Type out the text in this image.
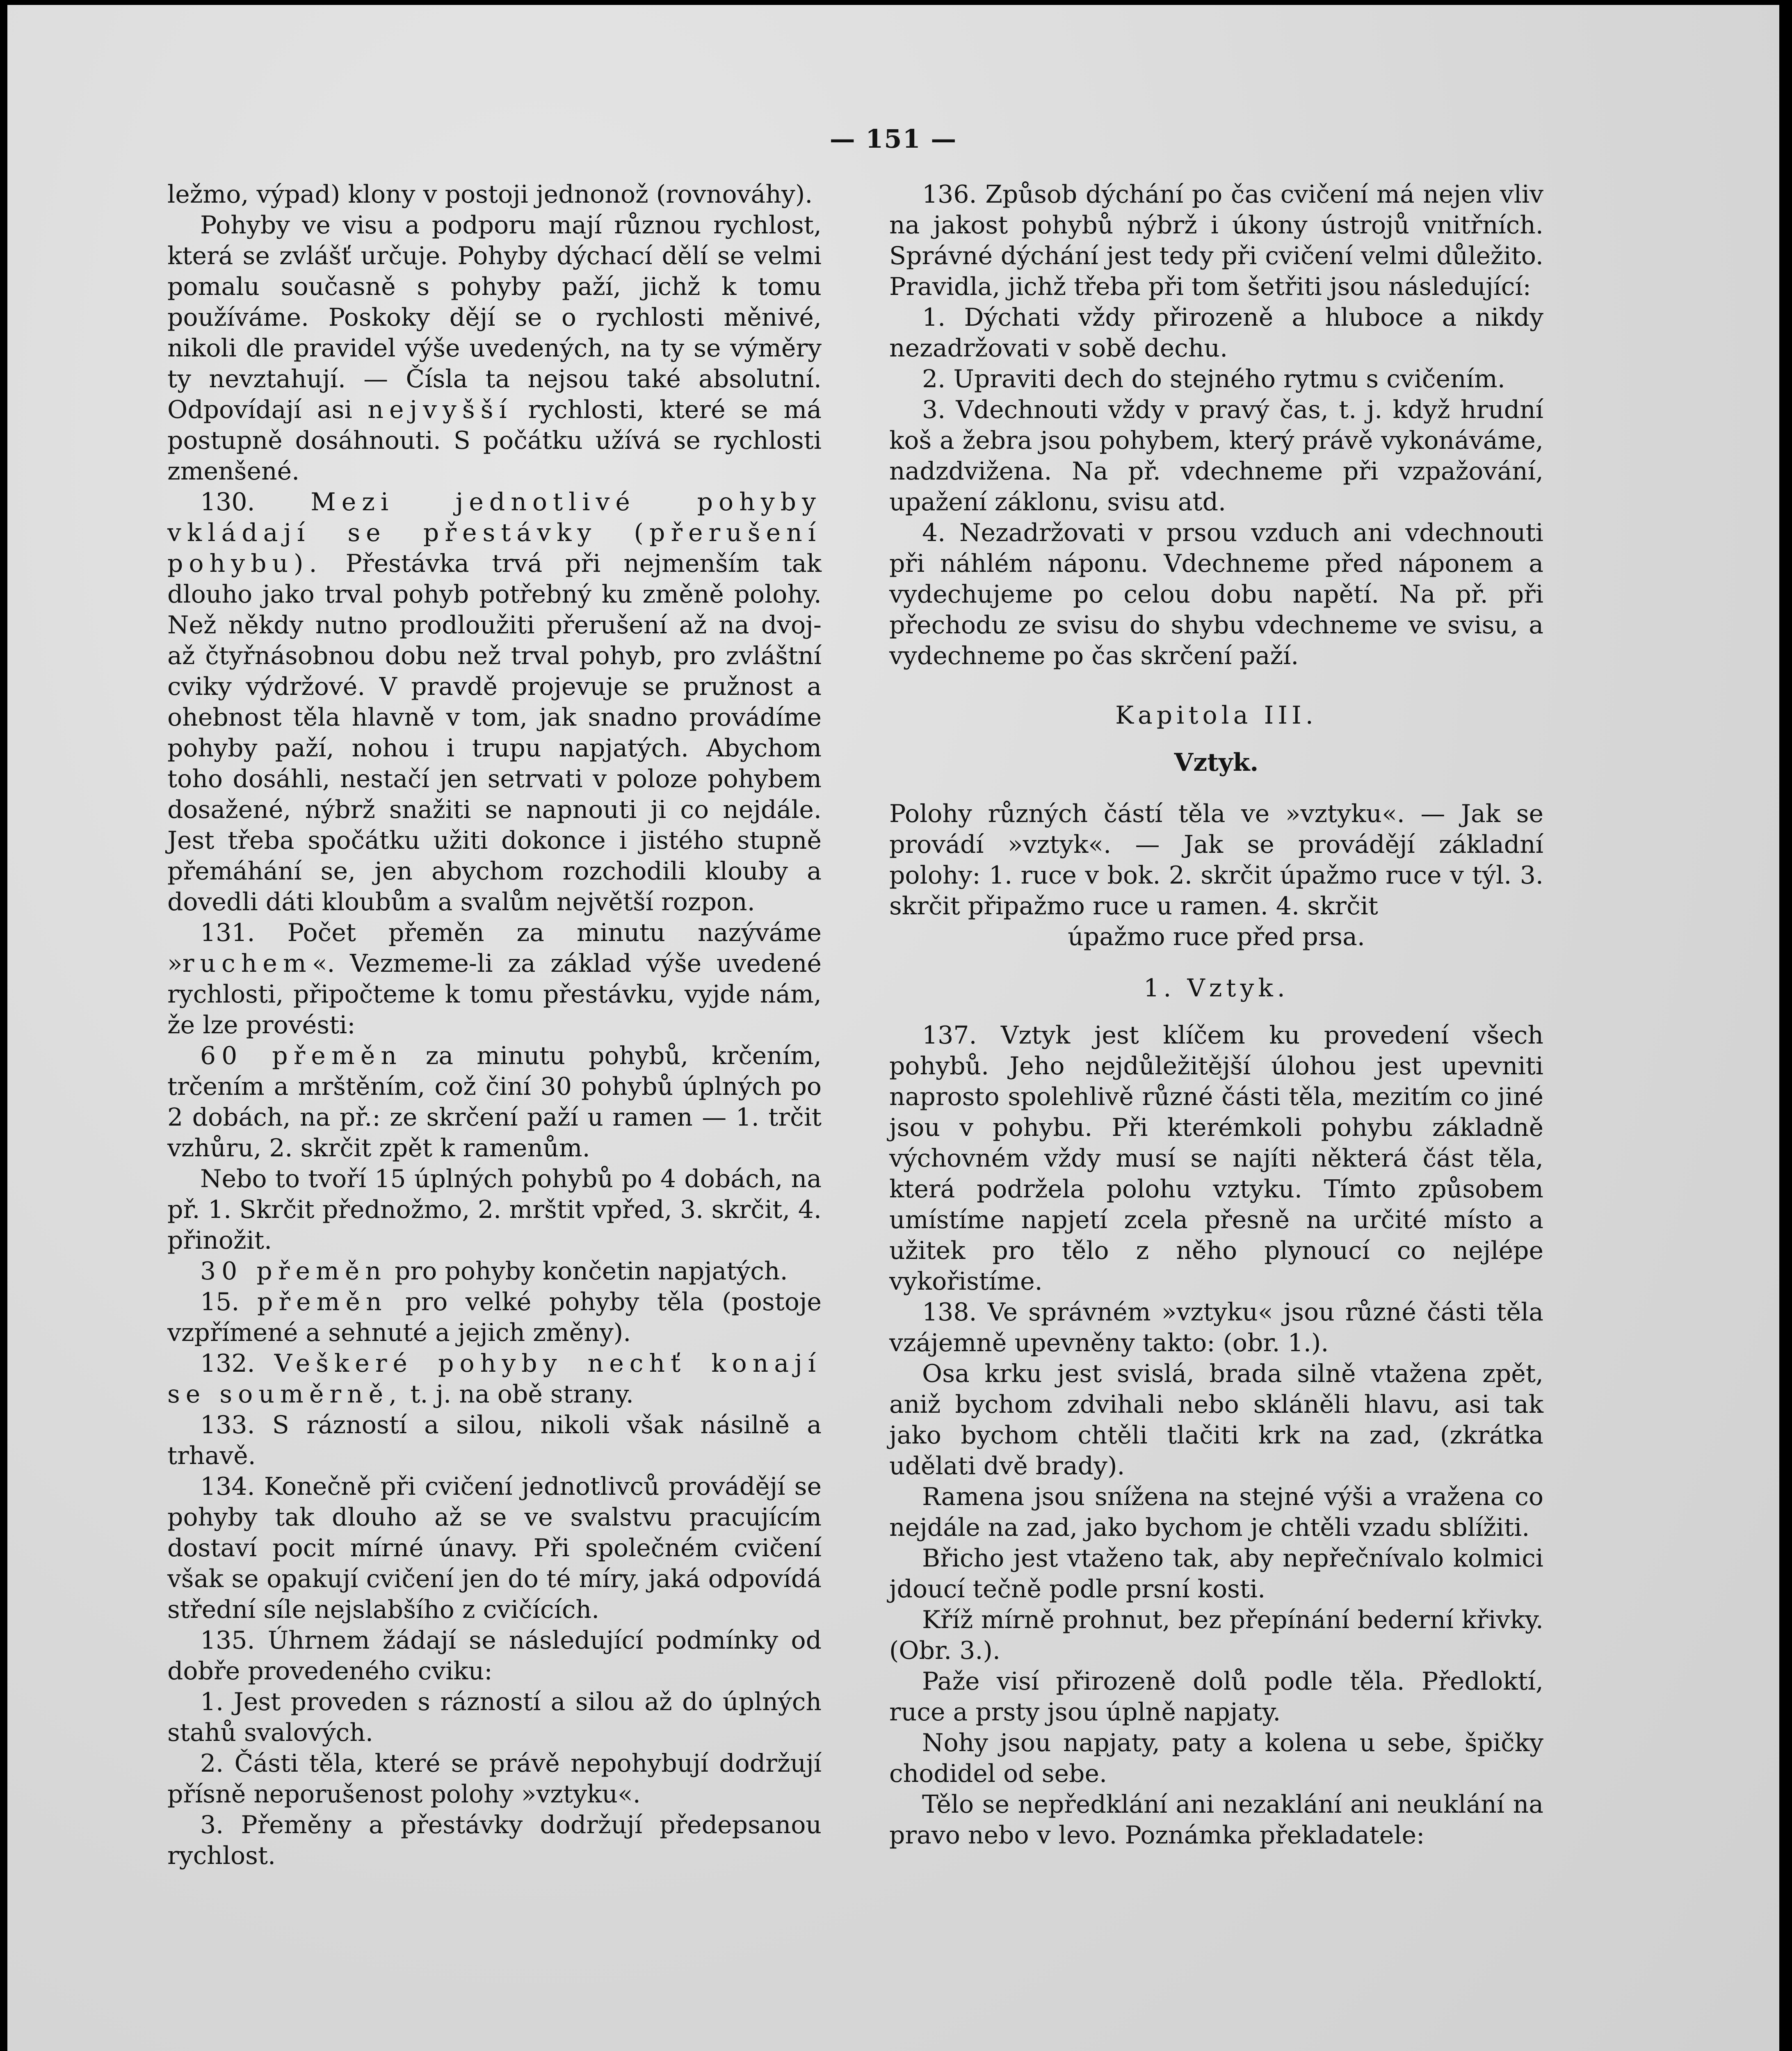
— 151 —

ležmo, výpad) klony v postoji jednonož (rovnováhy).

Pohyby ve visu a podporu mají různou rychlost, která se zvlášť určuje. Pohyby dýchací dělí se velmi pomalu současně s pohyby paží, jichž k tomu používáme. Poskoky dějí se o rychlosti měnivé, nikoli dle pravidel výše uvedených, na ty se výměry ty nevztahují. — Čísla ta nejsou také absolutní. Odpovídají asi nejvyšší rychlosti, které se má postupně dosáhnouti. S počátku užívá se rychlosti zmenšené.

130. Mezi jednotlivé pohyby vkládají se přestávky (přerušení pohybu). Přestávka trvá při nejmenším tak dlouho jako trval pohyb potřebný ku změně polohy. Než někdy nutno prodloužiti přerušení až na dvoj- až čtyřnásobnou dobu než trval pohyb, pro zvláštní cviky výdržové. V pravdě projevuje se pružnost a ohebnost těla hlavně v tom, jak snadno provádíme pohyby paží, nohou i trupu napjatých. Abychom toho dosáhli, nestačí jen setrvati v poloze pohybem dosažené, nýbrž snažiti se napnouti ji co nejdále. Jest třeba spočátku užiti dokonce i jistého stupně přemáhání se, jen abychom rozchodili klouby a dovedli dáti kloubům a svalům největší rozpon.

131. Počet přeměn za minutu nazýváme »ruchem«. Vezmeme-li za základ výše uvedené rychlosti, připočteme k tomu přestávku, vyjde nám, že lze provésti:

60 přeměn za minutu pohybů, krčením, trčením a mrštěním, což činí 30 pohybů úplných po 2 dobách, na př.: ze skrčení paží u ramen — 1. trčit vzhůru, 2. skrčit zpět k ramenům.

Nebo to tvoří 15 úplných pohybů po 4 dobách, na př. 1. Skrčit přednožmo, 2. mrštit vpřed, 3. skrčit, 4. přinožit.

30 přeměn pro pohyby končetin napjatých.

15. přeměn pro velké pohyby těla (postoje vzpřímené a sehnuté a jejich změny).

132. Veškeré pohyby nechť konají se souměrně, t. j. na obě strany.

133. S rázností a silou, nikoli však násilně a trhavě.

134. Konečně při cvičení jednotlivců provádějí se pohyby tak dlouho až se ve svalstvu pracujícím dostaví pocit mírné únavy. Při společném cvičení však se opakují cvičení jen do té míry, jaká odpovídá střední síle nejslabšího z cvičících.

135. Úhrnem žádají se následující podmínky od dobře provedeného cviku:

1. Jest proveden s rázností a silou až do úplných stahů svalových.

2. Části těla, které se právě nepohybují dodržují přísně neporušenost polohy »vztyku«.

3. Přeměny a přestávky dodržují předepsanou rychlost.

136. Způsob dýchání po čas cvičení má nejen vliv na jakost pohybů nýbrž i úkony ústrojů vnitřních. Správné dýchání jest tedy při cvičení velmi důležito. Pravidla, jichž třeba při tom šetřiti jsou následující:

1. Dýchati vždy přirozeně a hluboce a nikdy nezadržovati v sobě dechu.

2. Upraviti dech do stejného rytmu s cvičením.

3. Vdechnouti vždy v pravý čas, t. j. když hrudní koš a žebra jsou pohybem, který právě vykonáváme, nadzdvižena. Na př. vdechneme při vzpažování, upažení záklonu, svisu atd.

4. Nezadržovati v prsou vzduch ani vdechnouti při náhlém náponu. Vdechneme před náponem a vydechujeme po celou dobu napětí. Na př. při přechodu ze svisu do shybu vdechneme ve svisu, a vydechneme po čas skrčení paží.

Kapitola III.

Vztyk.

Polohy různých částí těla ve »vztyku«. — Jak se provádí »vztyk«. — Jak se provádějí základní polohy: 1. ruce v bok. 2. skrčit úpažmo ruce v týl. 3. skrčit připažmo ruce u ramen. 4. skrčit

úpažmo ruce před prsa.

1. Vztyk.

137. Vztyk jest klíčem ku provedení všech pohybů. Jeho nejdůležitější úlohou jest upevniti naprosto spolehlivě různé části těla, mezitím co jiné jsou v pohybu. Při kterémkoli pohybu základně výchovném vždy musí se najíti některá část těla, která podržela polohu vztyku. Tímto způsobem umístíme napjetí zcela přesně na určité místo a užitek pro tělo z něho plynoucí co nejlépe vykořistíme.

138. Ve správném »vztyku« jsou různé části těla vzájemně upevněny takto: (obr. 1.).

Osa krku jest svislá, brada silně vtažena zpět, aniž bychom zdvihali nebo skláněli hlavu, asi tak jako bychom chtěli tlačiti krk na zad, (zkrátka udělati dvě brady).

Ramena jsou snížena na stejné výši a vražena co nejdále na zad, jako bychom je chtěli vzadu sblížiti.

Břicho jest vtaženo tak, aby nepřečnívalo kolmici jdoucí tečně podle prsní kosti.

Kříž mírně prohnut, bez přepínání bederní křivky. (Obr. 3.).

Paže visí přirozeně dolů podle těla. Předloktí, ruce a prsty jsou úplně napjaty.

Nohy jsou napjaty, paty a kolena u sebe, špičky chodidel od sebe.

Tělo se nepředklání ani nezaklání ani neuklání na pravo nebo v levo. Poznámka překladatele:
